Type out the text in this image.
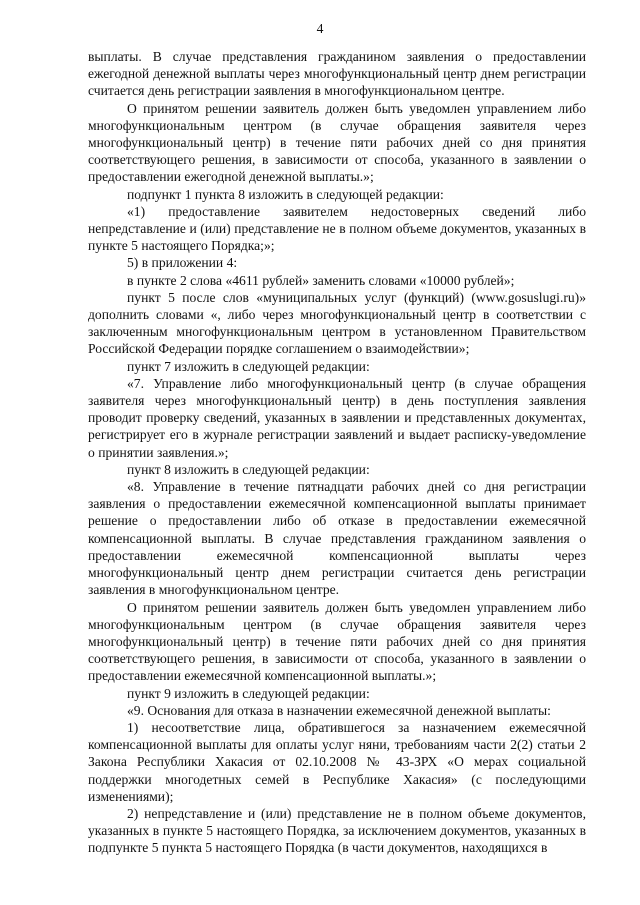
4

выплаты. В случае представления гражданином заявления о предоставлении ежегодной денежной выплаты через многофункциональный центр днем регистрации считается день регистрации заявления в многофункциональном центре.

О принятом решении заявитель должен быть уведомлен управлением либо многофункциональным центром (в случае обращения заявителя через многофункциональный центр) в течение пяти рабочих дней со дня принятия соответствующего решения, в зависимости от способа, указанного в заявлении о предоставлении ежегодной денежной выплаты.»;

подпункт 1 пункта 8 изложить в следующей редакции:

«1) предоставление заявителем недостоверных сведений либо непредставление и (или) представление не в полном объеме документов, указанных в пункте 5 настоящего Порядка;»;

5) в приложении 4:

в пункте 2 слова «4611 рублей» заменить словами «10000 рублей»;

пункт 5 после слов «муниципальных услуг (функций) (www.gosuslugi.ru)» дополнить словами «, либо через многофункциональный центр в соответствии с заключенным многофункциональным центром в установленном Правительством Российской Федерации порядке соглашением о взаимодействии»;

пункт 7 изложить в следующей редакции:

«7. Управление либо многофункциональный центр (в случае обращения заявителя через многофункциональный центр) в день поступления заявления проводит проверку сведений, указанных в заявлении и представленных документах, регистрирует его в журнале регистрации заявлений и выдает расписку-уведомление о принятии заявления.»;

пункт 8 изложить в следующей редакции:

«8. Управление в течение пятнадцати рабочих дней со дня регистрации заявления о предоставлении ежемесячной компенсационной выплаты принимает решение о предоставлении либо об отказе в предоставлении ежемесячной компенсационной выплаты. В случае представления гражданином заявления о предоставлении ежемесячной компенсационной выплаты через многофункциональный центр днем регистрации считается день регистрации заявления в многофункциональном центре.

О принятом решении заявитель должен быть уведомлен управлением либо многофункциональным центром (в случае обращения заявителя через многофункциональный центр) в течение пяти рабочих дней со дня принятия соответствующего решения, в зависимости от способа, указанного в заявлении о предоставлении ежемесячной компенсационной выплаты.»;

пункт 9 изложить в следующей редакции:

«9. Основания для отказа в назначении ежемесячной денежной выплаты:

1) несоответствие лица, обратившегося за назначением ежемесячной компенсационной выплаты для оплаты услуг няни, требованиям части 2(2) статьи 2 Закона Республики Хакасия от 02.10.2008 № 43-ЗРХ «О мерах социальной поддержки многодетных семей в Республике Хакасия» (с последующими изменениями);

2) непредставление и (или) представление не в полном объеме документов, указанных в пункте 5 настоящего Порядка, за исключением документов, указанных в подпункте 5 пункта 5 настоящего Порядка (в части документов, находящихся в
